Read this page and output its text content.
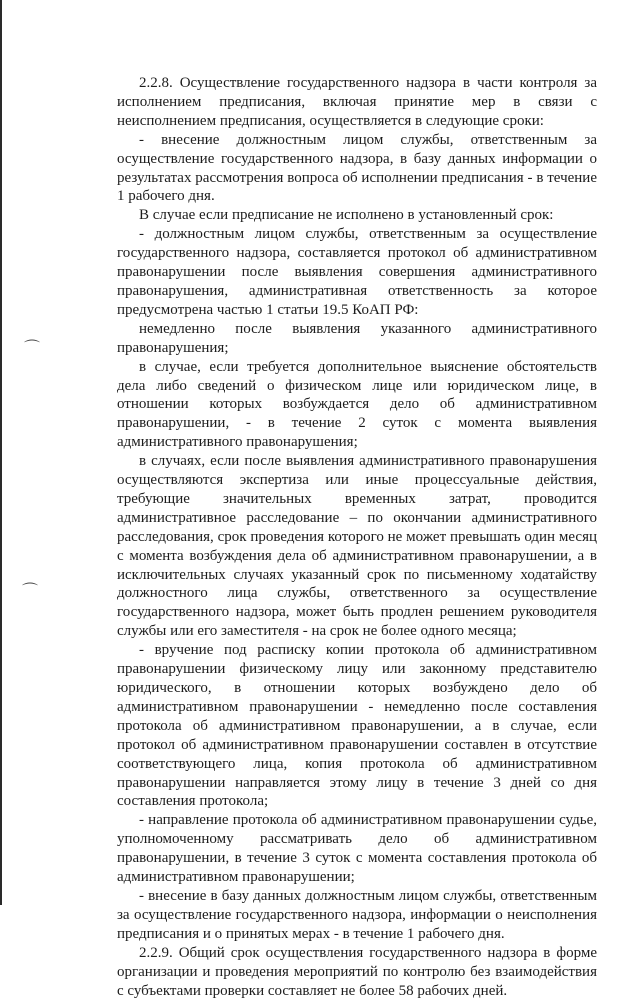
⌒
⌒

2.2.8. Осуществление государственного надзора в части контроля за исполнением предписания, включая принятие мер в связи с неисполнением предписания, осуществляется в следующие сроки:

- внесение должностным лицом службы, ответственным за осуществление государственного надзора, в базу данных информации о результатах рассмотрения вопроса об исполнении предписания - в течение 1 рабочего дня.

В случае если предписание не исполнено в установленный срок:

- должностным лицом службы, ответственным за осуществление государственного надзора, составляется протокол об административном правонарушении после выявления совершения административного правонарушения, административная ответственность за которое предусмотрена частью 1 статьи 19.5 КоАП РФ:

немедленно после выявления указанного административного правонарушения;

в случае, если требуется дополнительное выяснение обстоятельств дела либо сведений о физическом лице или юридическом лице, в отношении которых возбуждается дело об административном правонарушении, - в течение 2 суток с момента выявления административного правонарушения;

в случаях, если после выявления административного правонарушения осуществляются экспертиза или иные процессуальные действия, требующие значительных временных затрат, проводится административное расследование – по окончании административного расследования, срок проведения которого не может превышать один месяц с момента возбуждения дела об административном правонарушении, а в исключительных случаях указанный срок по письменному ходатайству должностного лица службы, ответственного за осуществление государственного надзора, может быть продлен решением руководителя службы или его заместителя - на срок не более одного месяца;

- вручение под расписку копии протокола об административном правонарушении физическому лицу или законному представителю юридического, в отношении которых возбуждено дело об административном правонарушении - немедленно после составления протокола об административном правонарушении, а в случае, если протокол об административном правонарушении составлен в отсутствие соответствующего лица, копия протокола об административном правонарушении направляется этому лицу в течение 3 дней со дня составления протокола;

- направление протокола об административном правонарушении судье, уполномоченному рассматривать дело об административном правонарушении, в течение 3 суток с момента составления протокола об административном правонарушении;

- внесение в базу данных должностным лицом службы, ответственным за осуществление государственного надзора, информации о неисполнения предписания и о принятых мерах - в течение 1 рабочего дня.

2.2.9. Общий срок осуществления государственного надзора в форме организации и проведения мероприятий по контролю без взаимодействия с субъектами проверки составляет не более 58 рабочих дней.
